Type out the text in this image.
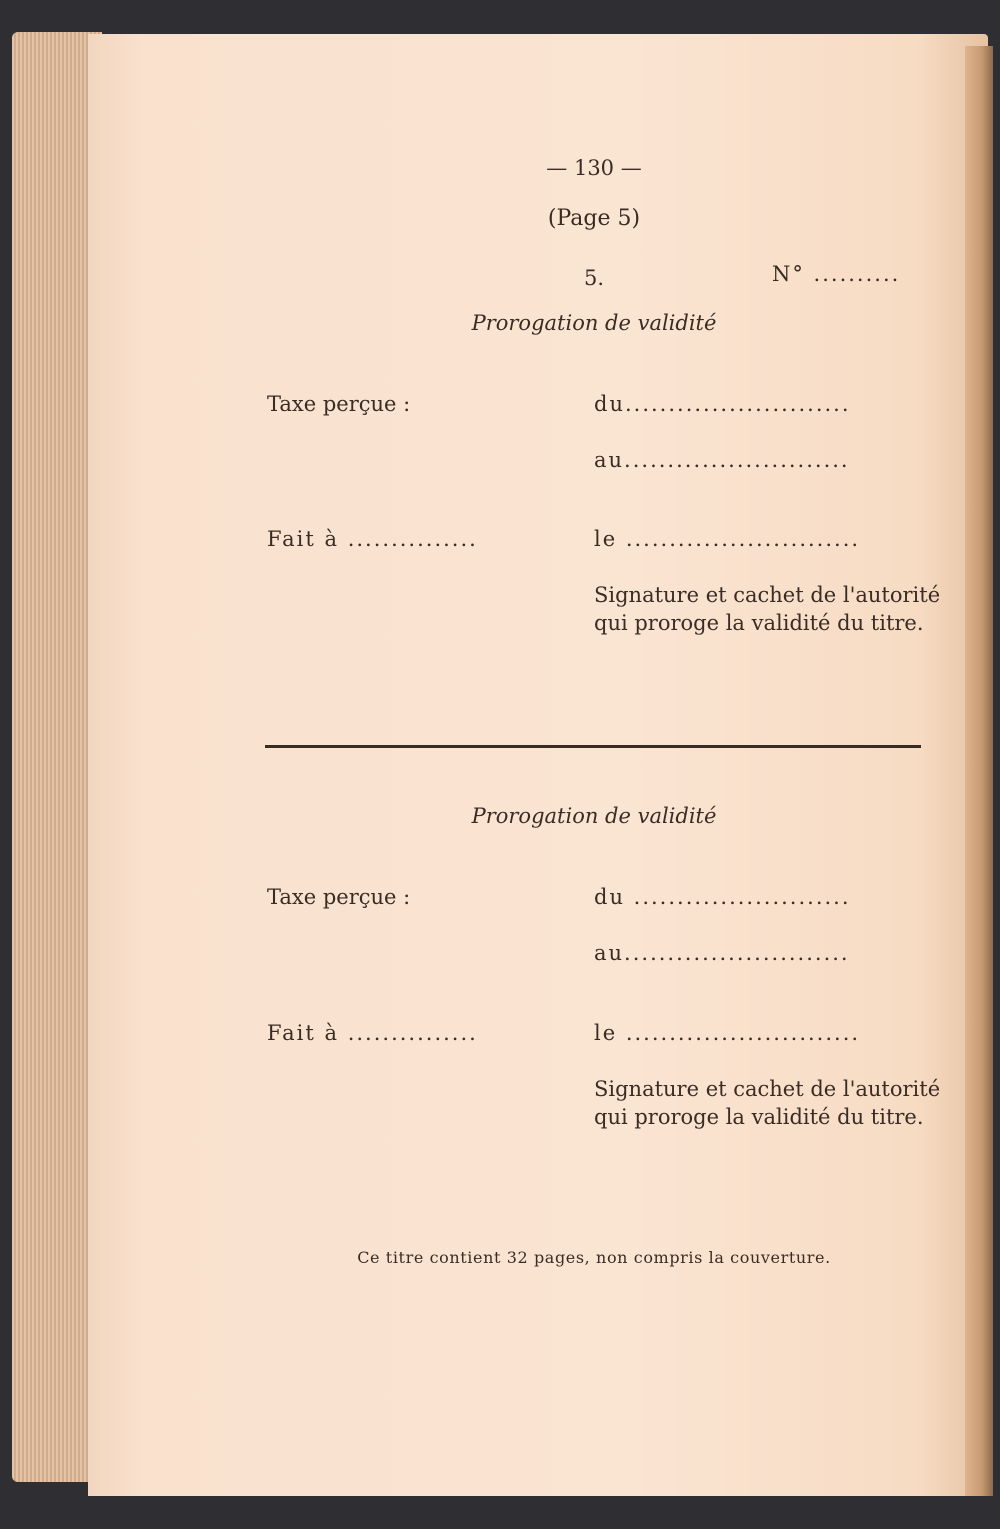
— 130 —
(Page 5)
5.	N° ..........
Prorogation de validité
Taxe perçue :	du..........................
au..........................
Fait à ...............	le ...........................
Signature et cachet de l'autorité
qui proroge la validité du titre.
Prorogation de validité
Taxe perçue :	du .........................
au..........................
Fait à ...............	le ...........................
Signature et cachet de l'autorité
qui proroge la validité du titre.
Ce titre contient 32 pages, non compris la couverture.
